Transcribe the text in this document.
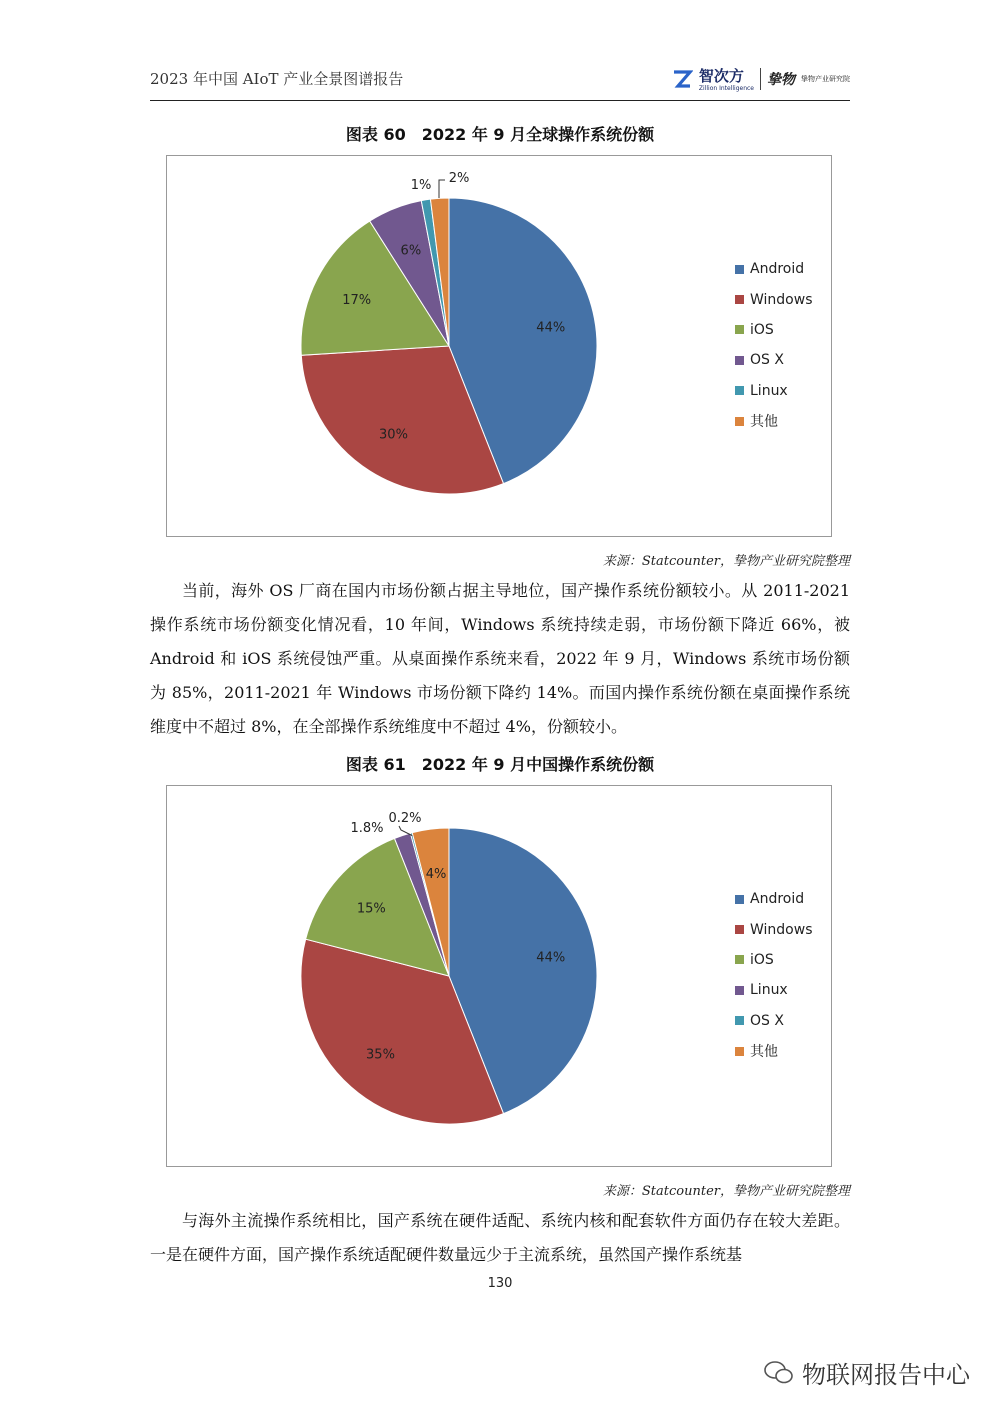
2023 年中国 AIoT 产业全景图谱报告	智次方
Zillion Intelligence
挚物 挚物产业研究院
图表 60　2022 年 9 月全球操作系统份额
44%
30%
17%
6%
1% 2%
Android
Windows
iOS
OS X
Linux
其他
来源：Statcounter，挚物产业研究院整理
当前，海外 OS 厂商在国内市场份额占据主导地位，国产操作系统份额较小。从 2011-2021 操作系统市场份额变化情况看，10 年间，Windows 系统持续走弱，市场份额下降近 66%，被 Android 和 iOS 系统侵蚀严重。从桌面操作系统来看，2022 年 9 月，Windows 系统市场份额为 85%，2011-2021 年 Windows 市场份额下降约 14%。而国内操作系统份额在桌面操作系统维度中不超过 8%，在全部操作系统维度中不超过 4%，份额较小。
图表 61　2022 年 9 月中国操作系统份额
44%
35%
15%
1.8%
0.2%
4%
Android
Windows
iOS
Linux
OS X
其他
来源：Statcounter，挚物产业研究院整理
与海外主流操作系统相比，国产系统在硬件适配、系统内核和配套软件方面仍存在较大差距。一是在硬件方面，国产操作系统适配硬件数量远少于主流系统，虽然国产操作系统基
130
物联网报告中心
